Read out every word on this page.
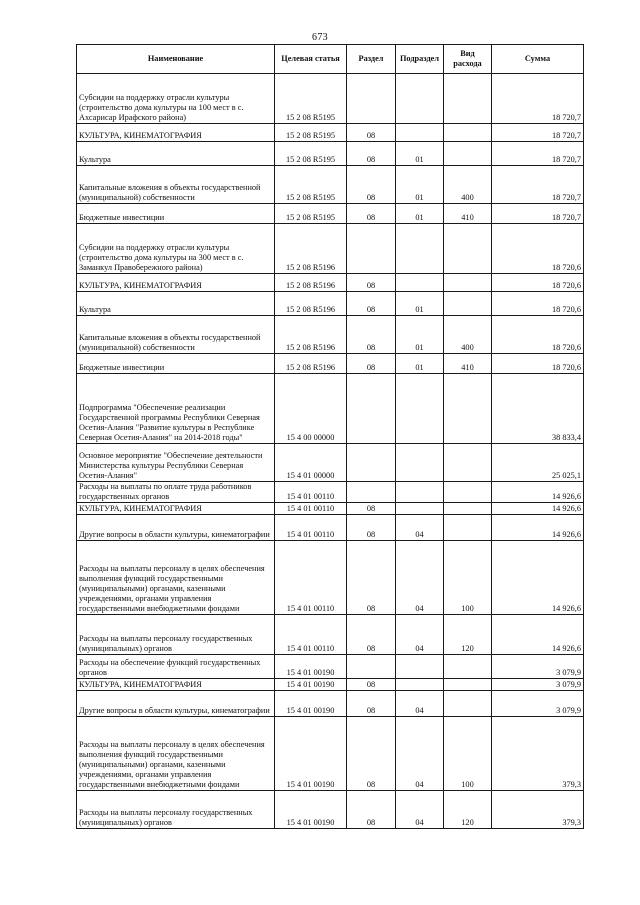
673
Наименование	Целевая статья	Раздел	Подраздел	Вид расхода	Сумма
Субсидии на поддержку отрасли культуры (строительство дома культуры на 100 мест в с. Ахсарисар Ирафского района)	15 2 08 R5195				18 720,7
КУЛЬТУРА, КИНЕМАТОГРАФИЯ	15 2 08 R5195	08			18 720,7
Культура	15 2 08 R5195	08	01		18 720,7
Капитальные вложения в объекты государственной (муниципальной) собственности	15 2 08 R5195	08	01	400	18 720,7
Бюджетные инвестиции	15 2 08 R5195	08	01	410	18 720,7
Субсидии на поддержку отрасли культуры (строительство дома культуры на 300 мест в с. Заманкул Правобережного района)	15 2 08 R5196				18 720,6
КУЛЬТУРА, КИНЕМАТОГРАФИЯ	15 2 08 R5196	08			18 720,6
Культура	15 2 08 R5196	08	01		18 720,6
Капитальные вложения в объекты государственной (муниципальной) собственности	15 2 08 R5196	08	01	400	18 720,6
Бюджетные инвестиции	15 2 08 R5196	08	01	410	18 720,6
Подпрограмма "Обеспечение реализации Государственной программы Республики Северная Осетия-Алания "Развитие культуры в Республике Северная Осетия-Алания" на 2014-2018 годы"	15 4 00 00000				38 833,4
Основное мероприятие "Обеспечение деятельности Министерства культуры Республики Северная Осетия-Алания"	15 4 01 00000				25 025,1
Расходы на выплаты по оплате труда работников государственных органов	15 4 01 00110				14 926,6
КУЛЬТУРА, КИНЕМАТОГРАФИЯ	15 4 01 00110	08			14 926,6
Другие вопросы в области культуры, кинематографии	15 4 01 00110	08	04		14 926,6
Расходы на выплаты персоналу в целях обеспечения выполнения функций государственными (муниципальными) органами, казенными учреждениями, органами управления государственными внебюджетными фондами	15 4 01 00110	08	04	100	14 926,6
Расходы на выплаты персоналу государственных (муниципальных) органов	15 4 01 00110	08	04	120	14 926,6
Расходы на обеспечение функций государственных органов	15 4 01 00190				3 079,9
КУЛЬТУРА, КИНЕМАТОГРАФИЯ	15 4 01 00190	08			3 079,9
Другие вопросы в области культуры, кинематографии	15 4 01 00190	08	04		3 079,9
Расходы на выплаты персоналу в целях обеспечения выполнения функций государственными (муниципальными) органами, казенными учреждениями, органами управления государственными внебюджетными фондами	15 4 01 00190	08	04	100	379,3
Расходы на выплаты персоналу государственных (муниципальных) органов	15 4 01 00190	08	04	120	379,3
